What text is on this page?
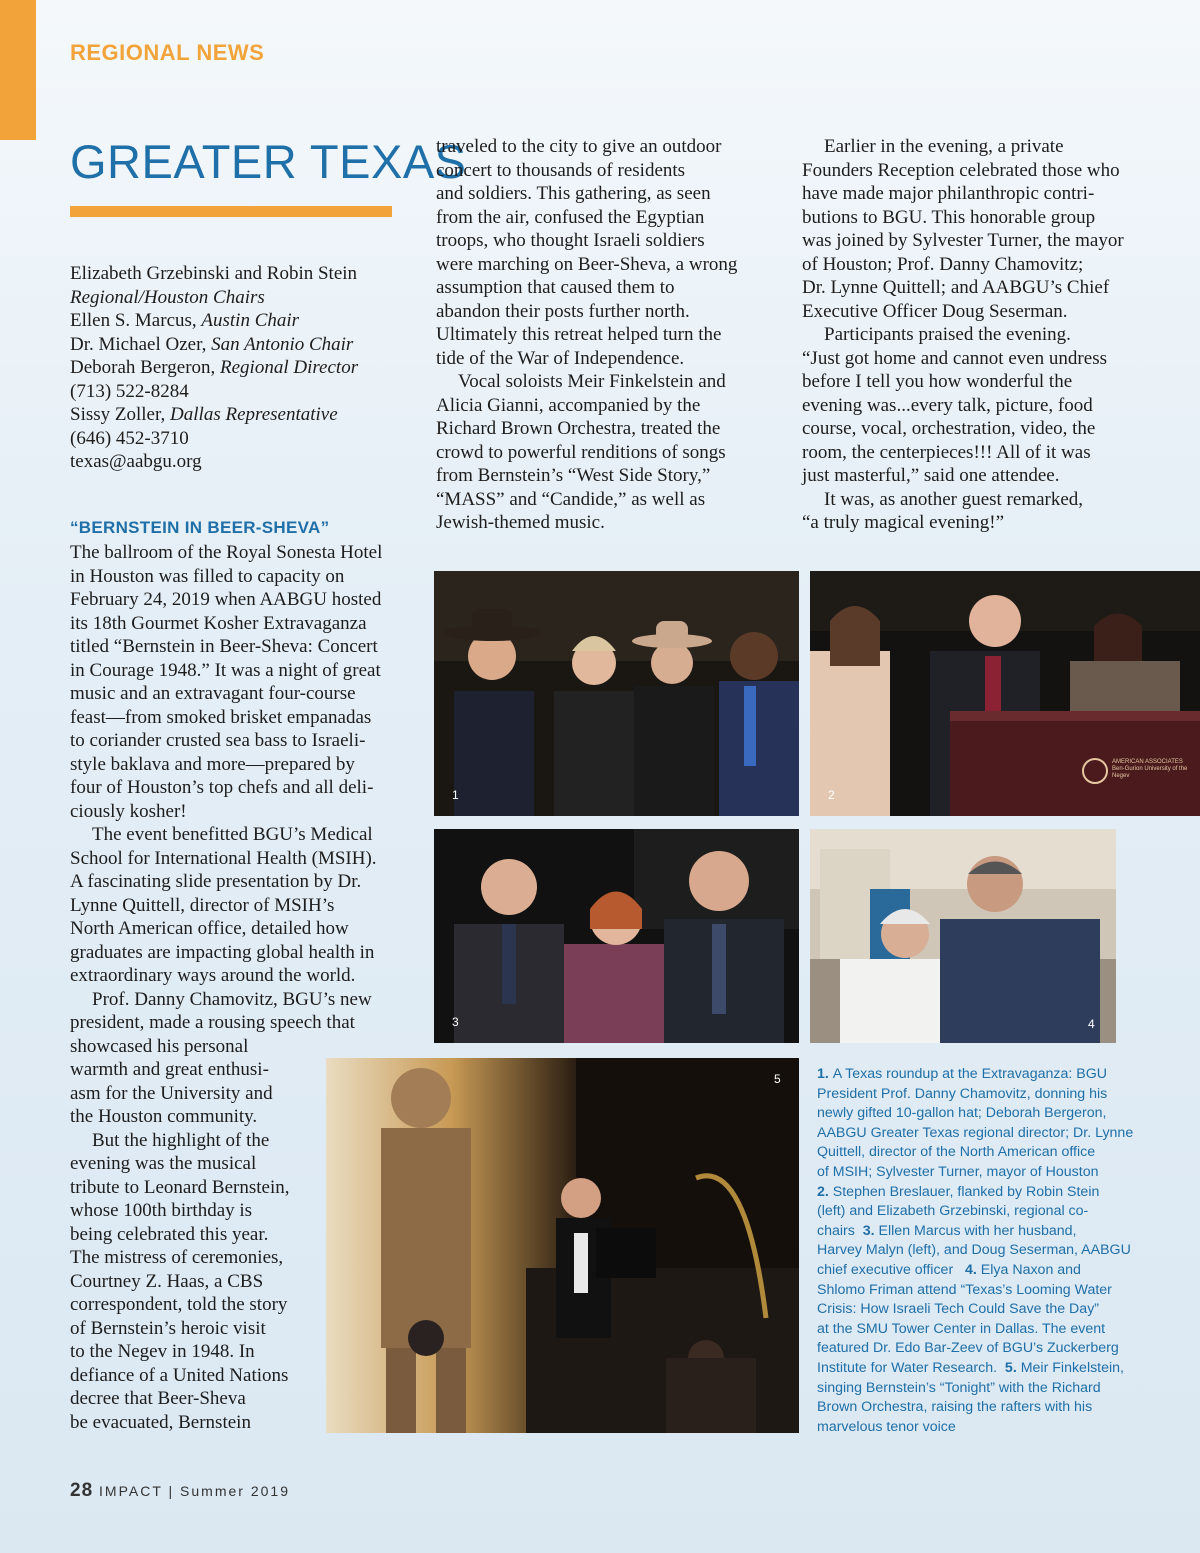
REGIONAL NEWS
GREATER TEXAS
Elizabeth Grzebinski and Robin Stein
Regional/Houston Chairs
Ellen S. Marcus, Austin Chair
Dr. Michael Ozer, San Antonio Chair
Deborah Bergeron, Regional Director
(713) 522-8284
Sissy Zoller, Dallas Representative
(646) 452-3710
texas@aabgu.org
“BERNSTEIN IN BEER-SHEVA”
The ballroom of the Royal Sonesta Hotel
in Houston was filled to capacity on
February 24, 2019 when AABGU hosted
its 18th Gourmet Kosher Extravaganza
titled “Bernstein in Beer-Sheva: Concert
in Courage 1948.” It was a night of great
music and an extravagant four-course
feast—from smoked brisket empanadas
to coriander crusted sea bass to Israeli-
style baklava and more—prepared by
four of Houston’s top chefs and all deli-
ciously kosher!
The event benefitted BGU’s Medical
School for International Health (MSIH).
A fascinating slide presentation by Dr.
Lynne Quittell, director of MSIH’s
North American office, detailed how
graduates are impacting global health in
extraordinary ways around the world.
Prof. Danny Chamovitz, BGU’s new
president, made a rousing speech that
showcased his personal
warmth and great enthusi-
asm for the University and
the Houston community.
But the highlight of the
evening was the musical
tribute to Leonard Bernstein,
whose 100th birthday is
being celebrated this year.
The mistress of ceremonies,
Courtney Z. Haas, a CBS
correspondent, told the story
of Bernstein’s heroic visit
to the Negev in 1948. In
defiance of a United Nations
decree that Beer-Sheva
be evacuated, Bernstein
traveled to the city to give an outdoor
concert to thousands of residents
and soldiers. This gathering, as seen
from the air, confused the Egyptian
troops, who thought Israeli soldiers
were marching on Beer-Sheva, a wrong
assumption that caused them to
abandon their posts further north.
Ultimately this retreat helped turn the
tide of the War of Independence.
Vocal soloists Meir Finkelstein and
Alicia Gianni, accompanied by the
Richard Brown Orchestra, treated the
crowd to powerful renditions of songs
from Bernstein’s “West Side Story,”
“MASS” and “Candide,” as well as
Jewish-themed music.
Earlier in the evening, a private
Founders Reception celebrated those who
have made major philanthropic contri-
butions to BGU. This honorable group
was joined by Sylvester Turner, the mayor
of Houston; Prof. Danny Chamovitz;
Dr. Lynne Quittell; and AABGU’s Chief
Executive Officer Doug Seserman.
Participants praised the evening.
“Just got home and cannot even undress
before I tell you how wonderful the
evening was...every talk, picture, food
course, vocal, orchestration, video, the
room, the centerpieces!!! All of it was
just masterful,” said one attendee.
It was, as another guest remarked,
“a truly magical evening!”
1
AMERICAN ASSOCIATES Ben-Gurion University of the Negev
2
3	4
5	1. A Texas roundup at the Extravaganza: BGU
President Prof. Danny Chamovitz, donning his
newly gifted 10-gallon hat; Deborah Bergeron,
AABGU Greater Texas regional director; Dr. Lynne
Quittell, director of the North American office
of MSIH; Sylvester Turner, mayor of Houston
2. Stephen Breslauer, flanked by Robin Stein
(left) and Elizabeth Grzebinski, regional co-
chairs  3. Ellen Marcus with her husband,
Harvey Malyn (left), and Doug Seserman, AABGU
chief executive officer   4. Elya Naxon and
Shlomo Friman attend “Texas’s Looming Water
Crisis: How Israeli Tech Could Save the Day”
at the SMU Tower Center in Dallas. The event
featured Dr. Edo Bar-Zeev of BGU’s Zuckerberg
Institute for Water Research.  5. Meir Finkelstein,
singing Bernstein’s “Tonight” with the Richard
Brown Orchestra, raising the rafters with his
marvelous tenor voice
28 IMPACT | Summer 2019
